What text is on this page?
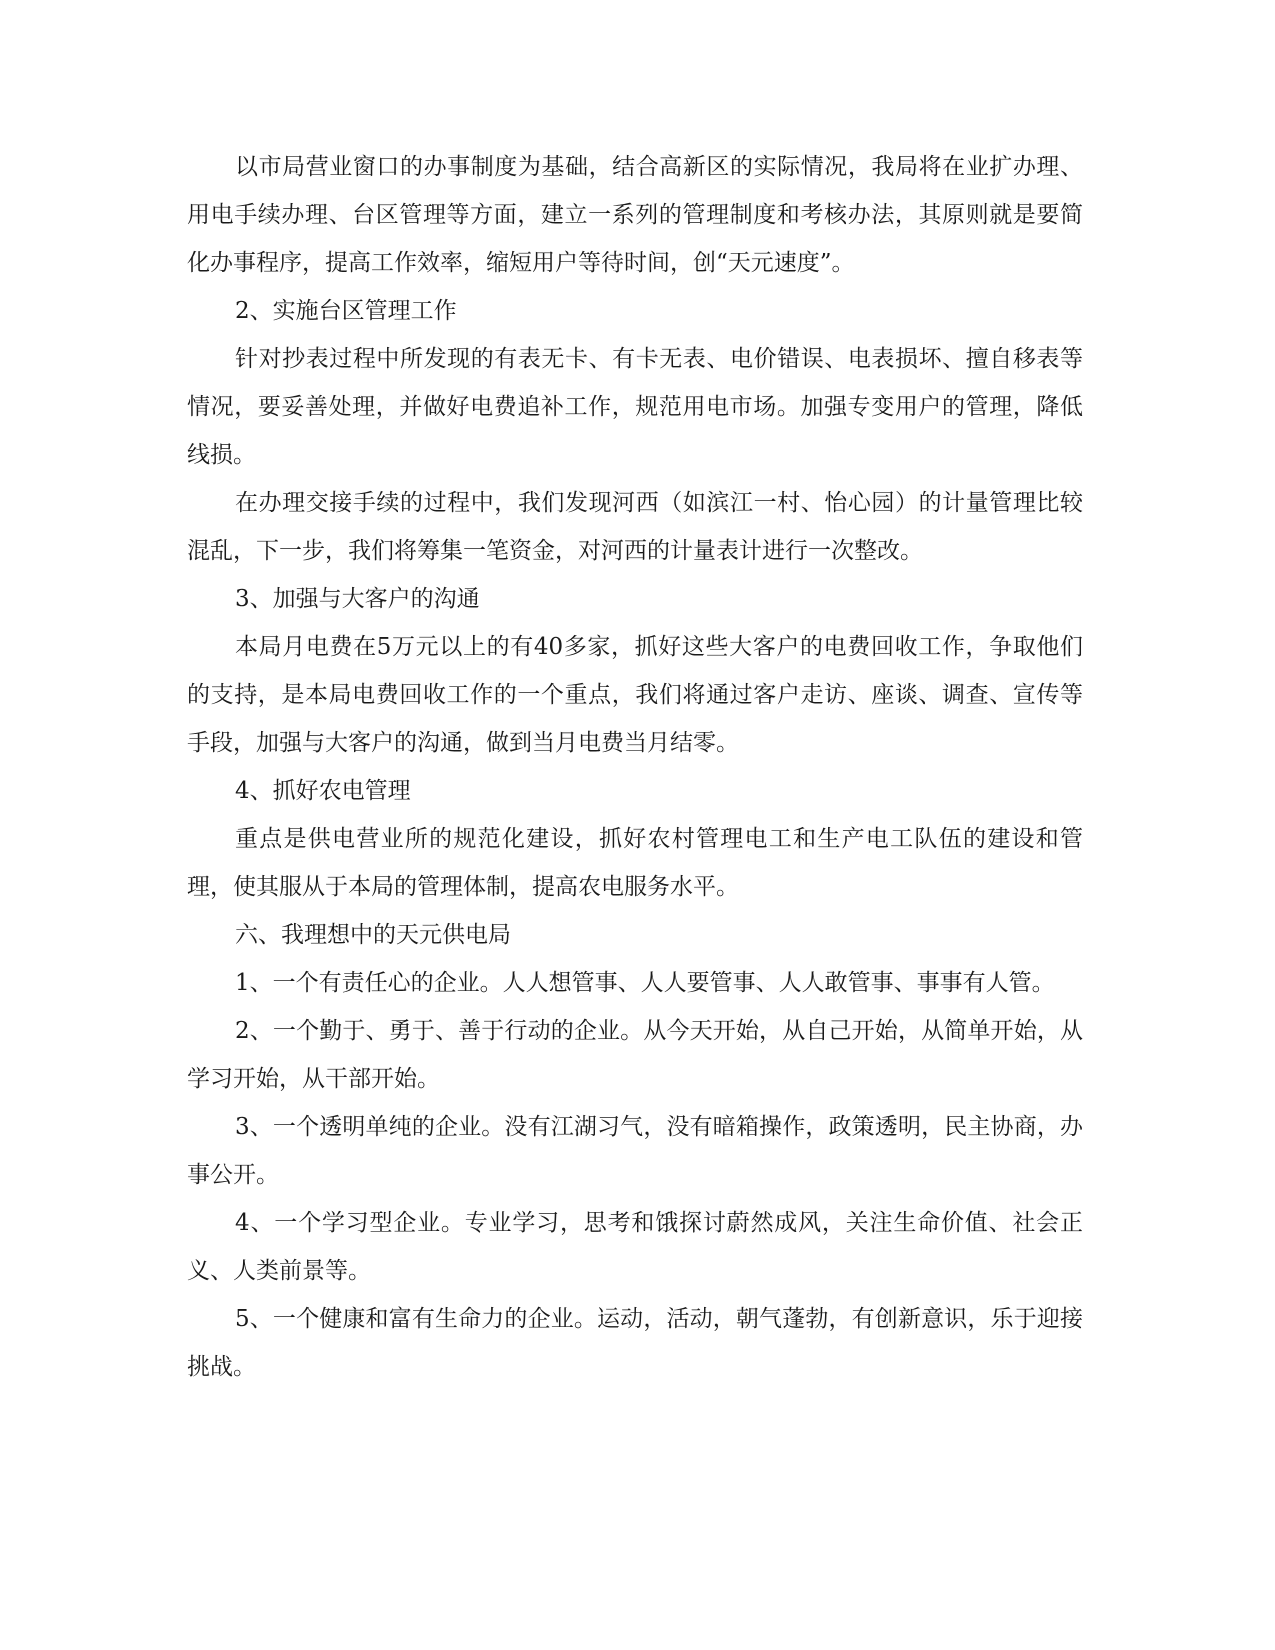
以市局营业窗口的办事制度为基础，结合高新区的实际情况，我局将在业扩办理、用电手续办理、台区管理等方面，建立一系列的管理制度和考核办法，其原则就是要简化办事程序，提高工作效率，缩短用户等待时间，创“天元速度”。

2、实施台区管理工作

针对抄表过程中所发现的有表无卡、有卡无表、电价错误、电表损坏、擅自移表等情况，要妥善处理，并做好电费追补工作，规范用电市场。加强专变用户的管理，降低线损。

在办理交接手续的过程中，我们发现河西（如滨江一村、怡心园）的计量管理比较混乱，下一步，我们将筹集一笔资金，对河西的计量表计进行一次整改。

3、加强与大客户的沟通

本局月电费在5万元以上的有40多家，抓好这些大客户的电费回收工作，争取他们的支持，是本局电费回收工作的一个重点，我们将通过客户走访、座谈、调查、宣传等手段，加强与大客户的沟通，做到当月电费当月结零。

4、抓好农电管理

重点是供电营业所的规范化建设，抓好农村管理电工和生产电工队伍的建设和管理，使其服从于本局的管理体制，提高农电服务水平。

六、我理想中的天元供电局

1、一个有责任心的企业。人人想管事、人人要管事、人人敢管事、事事有人管。

2、一个勤于、勇于、善于行动的企业。从今天开始，从自己开始，从简单开始，从学习开始，从干部开始。

3、一个透明单纯的企业。没有江湖习气，没有暗箱操作，政策透明，民主协商，办事公开。

4、一个学习型企业。专业学习，思考和饿探讨蔚然成风，关注生命价值、社会正义、人类前景等。

5、一个健康和富有生命力的企业。运动，活动，朝气蓬勃，有创新意识，乐于迎接挑战。
